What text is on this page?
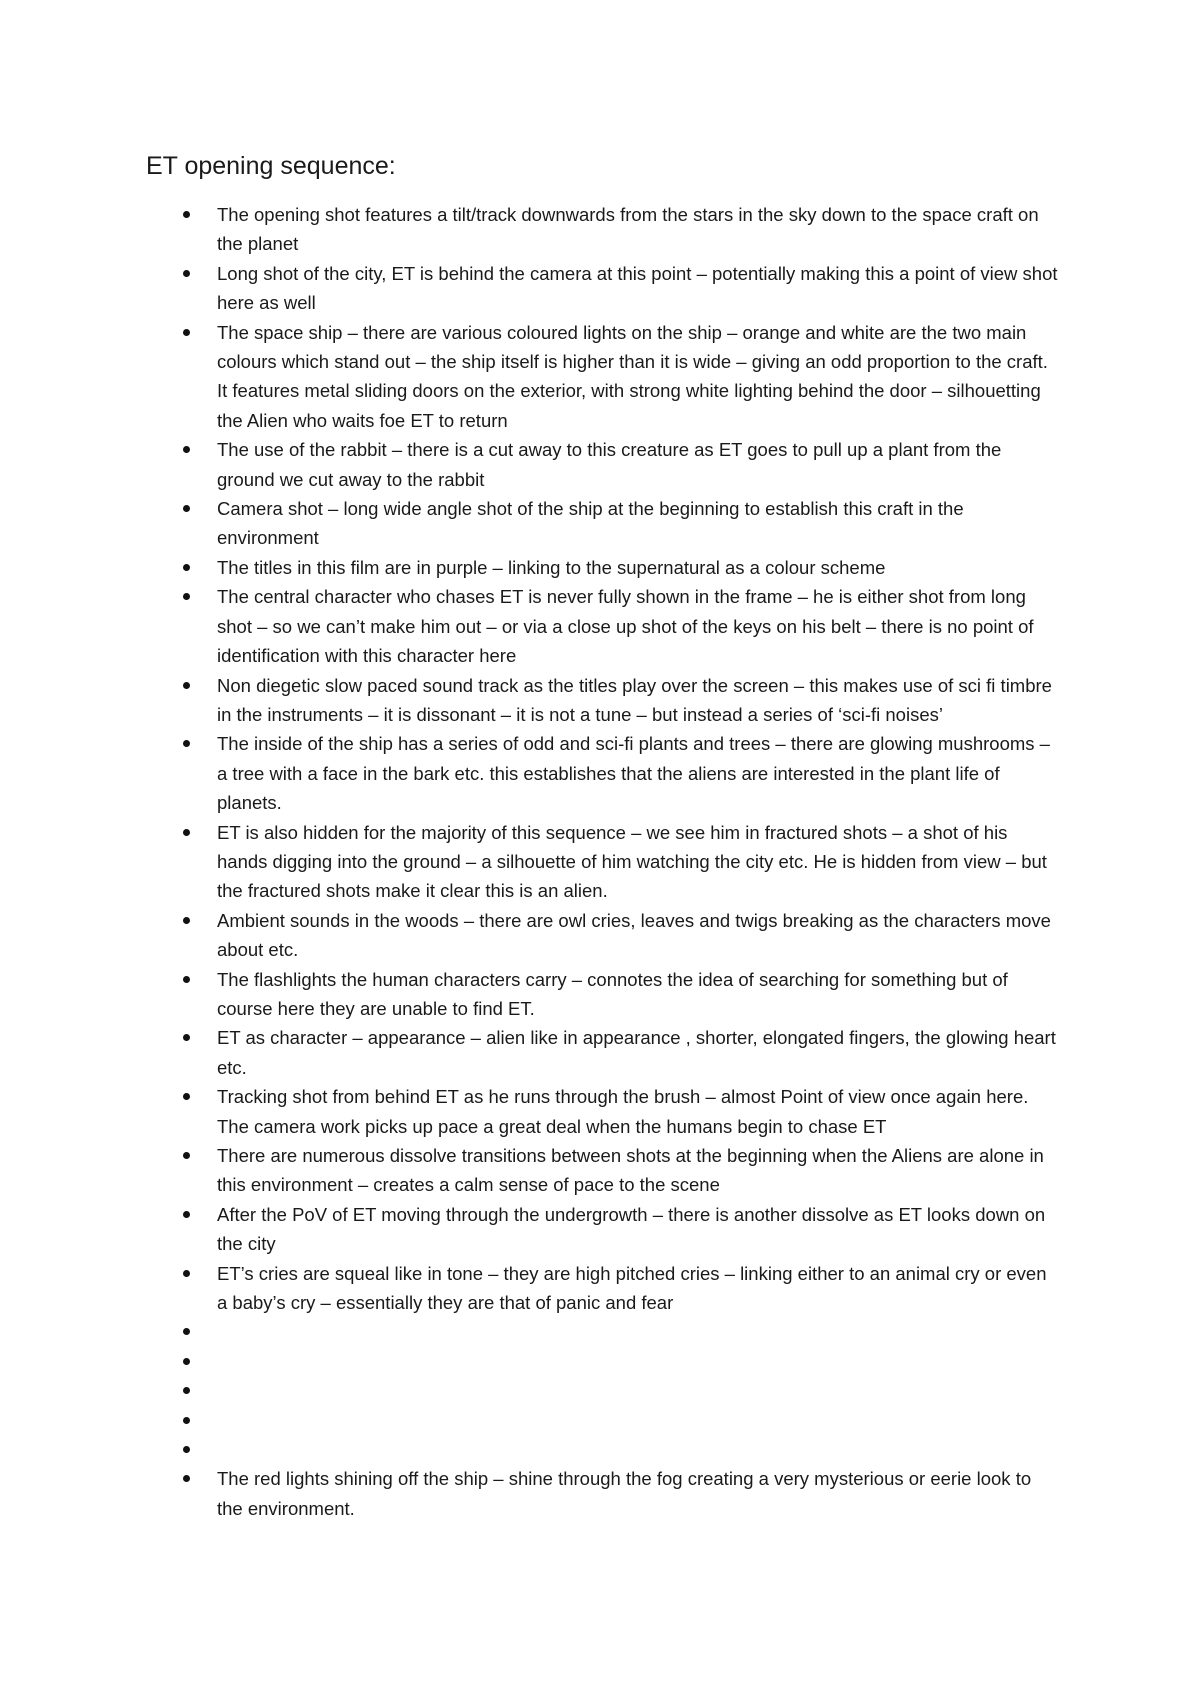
ET opening sequence:
The opening shot features a tilt/track downwards from the stars in the sky down to the space craft on the planet
Long shot of the city, ET is behind the camera at this point – potentially making this a point of view shot here as well
The space ship – there are various coloured lights on the ship – orange and white are the two main colours which stand out – the ship itself is higher than it is wide – giving an odd proportion to the craft. It features metal sliding doors on the exterior, with strong white lighting behind the door – silhouetting the Alien who waits foe ET to return
The use of the rabbit – there is a cut away to this creature as ET goes to pull up a plant from the ground we cut away to the rabbit
Camera shot – long wide angle shot of the ship at the beginning to establish this craft in the environment
The titles in this film are in purple – linking to the supernatural as a colour scheme
The central character who chases ET is never fully shown in the frame – he is either shot from long shot – so we can’t make him out – or via a close up shot of the keys on his belt – there is no point of identification with this character here
Non diegetic slow paced sound track as the titles play over the screen – this makes use of sci fi timbre in the instruments – it is dissonant – it is not a tune – but instead a series of ‘sci-fi noises’
The inside of the ship has a series of odd and sci-fi plants and trees – there are glowing mushrooms – a tree with a face in the bark etc. this establishes that the aliens are interested in the plant life of planets.
ET is also hidden for the majority of this sequence – we see him in fractured shots – a shot of his hands digging into the ground – a silhouette of him watching the city etc. He is hidden from view – but the fractured shots make it clear this is an alien.
Ambient sounds in the woods – there are owl cries, leaves and twigs breaking as the characters move about etc.
The flashlights the human characters carry – connotes the idea of searching for something but of course here they are unable to find ET.
ET as character – appearance – alien like in appearance , shorter, elongated fingers, the glowing heart etc.
Tracking shot from behind ET as he runs through the brush – almost Point of view once again here. The camera work picks up pace a great deal when the humans begin to chase ET
There are numerous dissolve transitions between shots at the beginning when the Aliens are alone in this environment – creates a calm sense of pace to the scene
After the PoV of ET moving through the undergrowth – there is another dissolve as ET looks down on the city
ET’s cries are squeal like in tone – they are high pitched cries – linking either to an animal cry or even a baby’s cry – essentially they are that of panic and fear
The red lights shining off the ship – shine through the fog creating a very mysterious or eerie look to the environment.
